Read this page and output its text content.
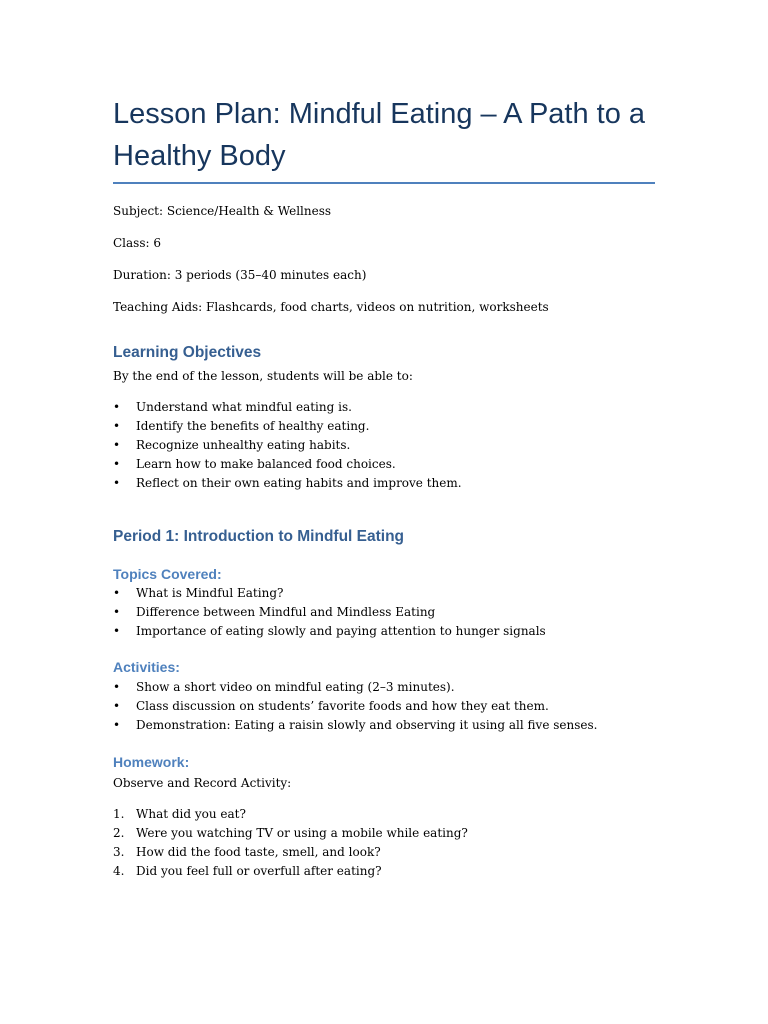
Lesson Plan: Mindful Eating – A Path to a Healthy Body

Subject: Science/Health & Wellness

Class: 6

Duration: 3 periods (35–40 minutes each)

Teaching Aids: Flashcards, food charts, videos on nutrition, worksheets

Learning Objectives

By the end of the lesson, students will be able to:

• Understand what mindful eating is.
• Identify the benefits of healthy eating.
• Recognize unhealthy eating habits.
• Learn how to make balanced food choices.
• Reflect on their own eating habits and improve them.
Period 1: Introduction to Mindful Eating
Topics Covered:
• What is Mindful Eating?
• Difference between Mindful and Mindless Eating
• Importance of eating slowly and paying attention to hunger signals
Activities:
• Show a short video on mindful eating (2–3 minutes).
• Class discussion on students’ favorite foods and how they eat them.
• Demonstration: Eating a raisin slowly and observing it using all five senses.
Homework:

Observe and Record Activity:

1. What did you eat?
2. Were you watching TV or using a mobile while eating?
3. How did the food taste, smell, and look?
4. Did you feel full or overfull after eating?
